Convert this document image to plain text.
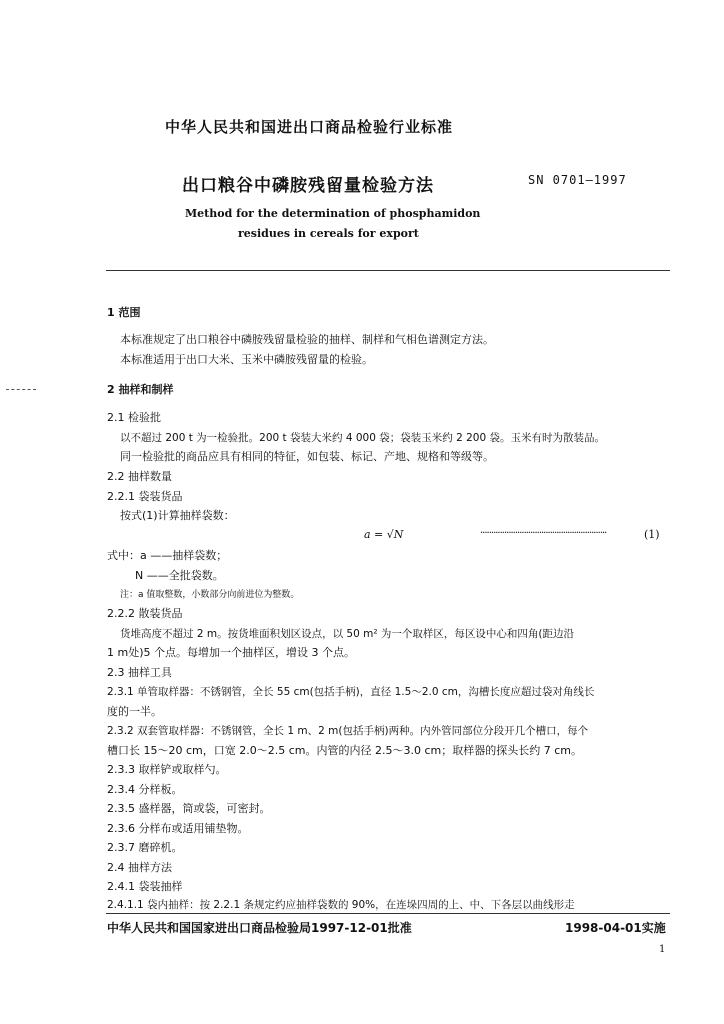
中华人民共和国进出口商品检验行业标准
出口粮谷中磷胺残留量检验方法	SN 0701—1997
Method for the determination of phosphamidon
residues in cereals for export
1 范围
本标准规定了出口粮谷中磷胺残留量检验的抽样、制样和气相色谱测定方法。
本标准适用于出口大米、玉米中磷胺残留量的检验。
2 抽样和制样
2.1 检验批
以不超过 200 t 为一检验批。200 t 袋装大米约 4 000 袋；袋装玉米约 2 200 袋。玉米有时为散装品。
同一检验批的商品应具有相同的特征，如包装、标记、产地、规格和等级等。
2.2 抽样数量
2.2.1 袋装货品
按式(1)计算抽样袋数：
a = √N	··························································	(1)
式中：a ——抽样袋数；
N ——全批袋数。
注：a 值取整数，小数部分向前进位为整数。
2.2.2 散装货品
货堆高度不超过 2 m。按货堆面积划区设点，以 50 m² 为一个取样区，每区设中心和四角(距边沿
1 m处)5 个点。每增加一个抽样区，增设 3 个点。
2.3 抽样工具
2.3.1 单管取样器：不锈钢管，全长 55 cm(包括手柄)，直径 1.5～2.0 cm，沟槽长度应超过袋对角线长
度的一半。
2.3.2 双套管取样器：不锈钢管，全长 1 m、2 m(包括手柄)两种。内外管同部位分段开几个槽口，每个
槽口长 15～20 cm，口宽 2.0～2.5 cm。内管的内径 2.5～3.0 cm；取样器的探头长约 7 cm。
2.3.3 取样铲或取样勺。
2.3.4 分样板。
2.3.5 盛样器，筒或袋，可密封。
2.3.6 分样布或适用铺垫物。
2.3.7 磨碎机。
2.4 抽样方法
2.4.1 袋装抽样
2.4.1.1 袋内抽样：按 2.2.1 条规定约应抽样袋数的 90%，在连垛四周的上、中、下各层以曲线形走
中华人民共和国国家进出口商品检验局1997-12-01批准	1998-04-01实施
1
